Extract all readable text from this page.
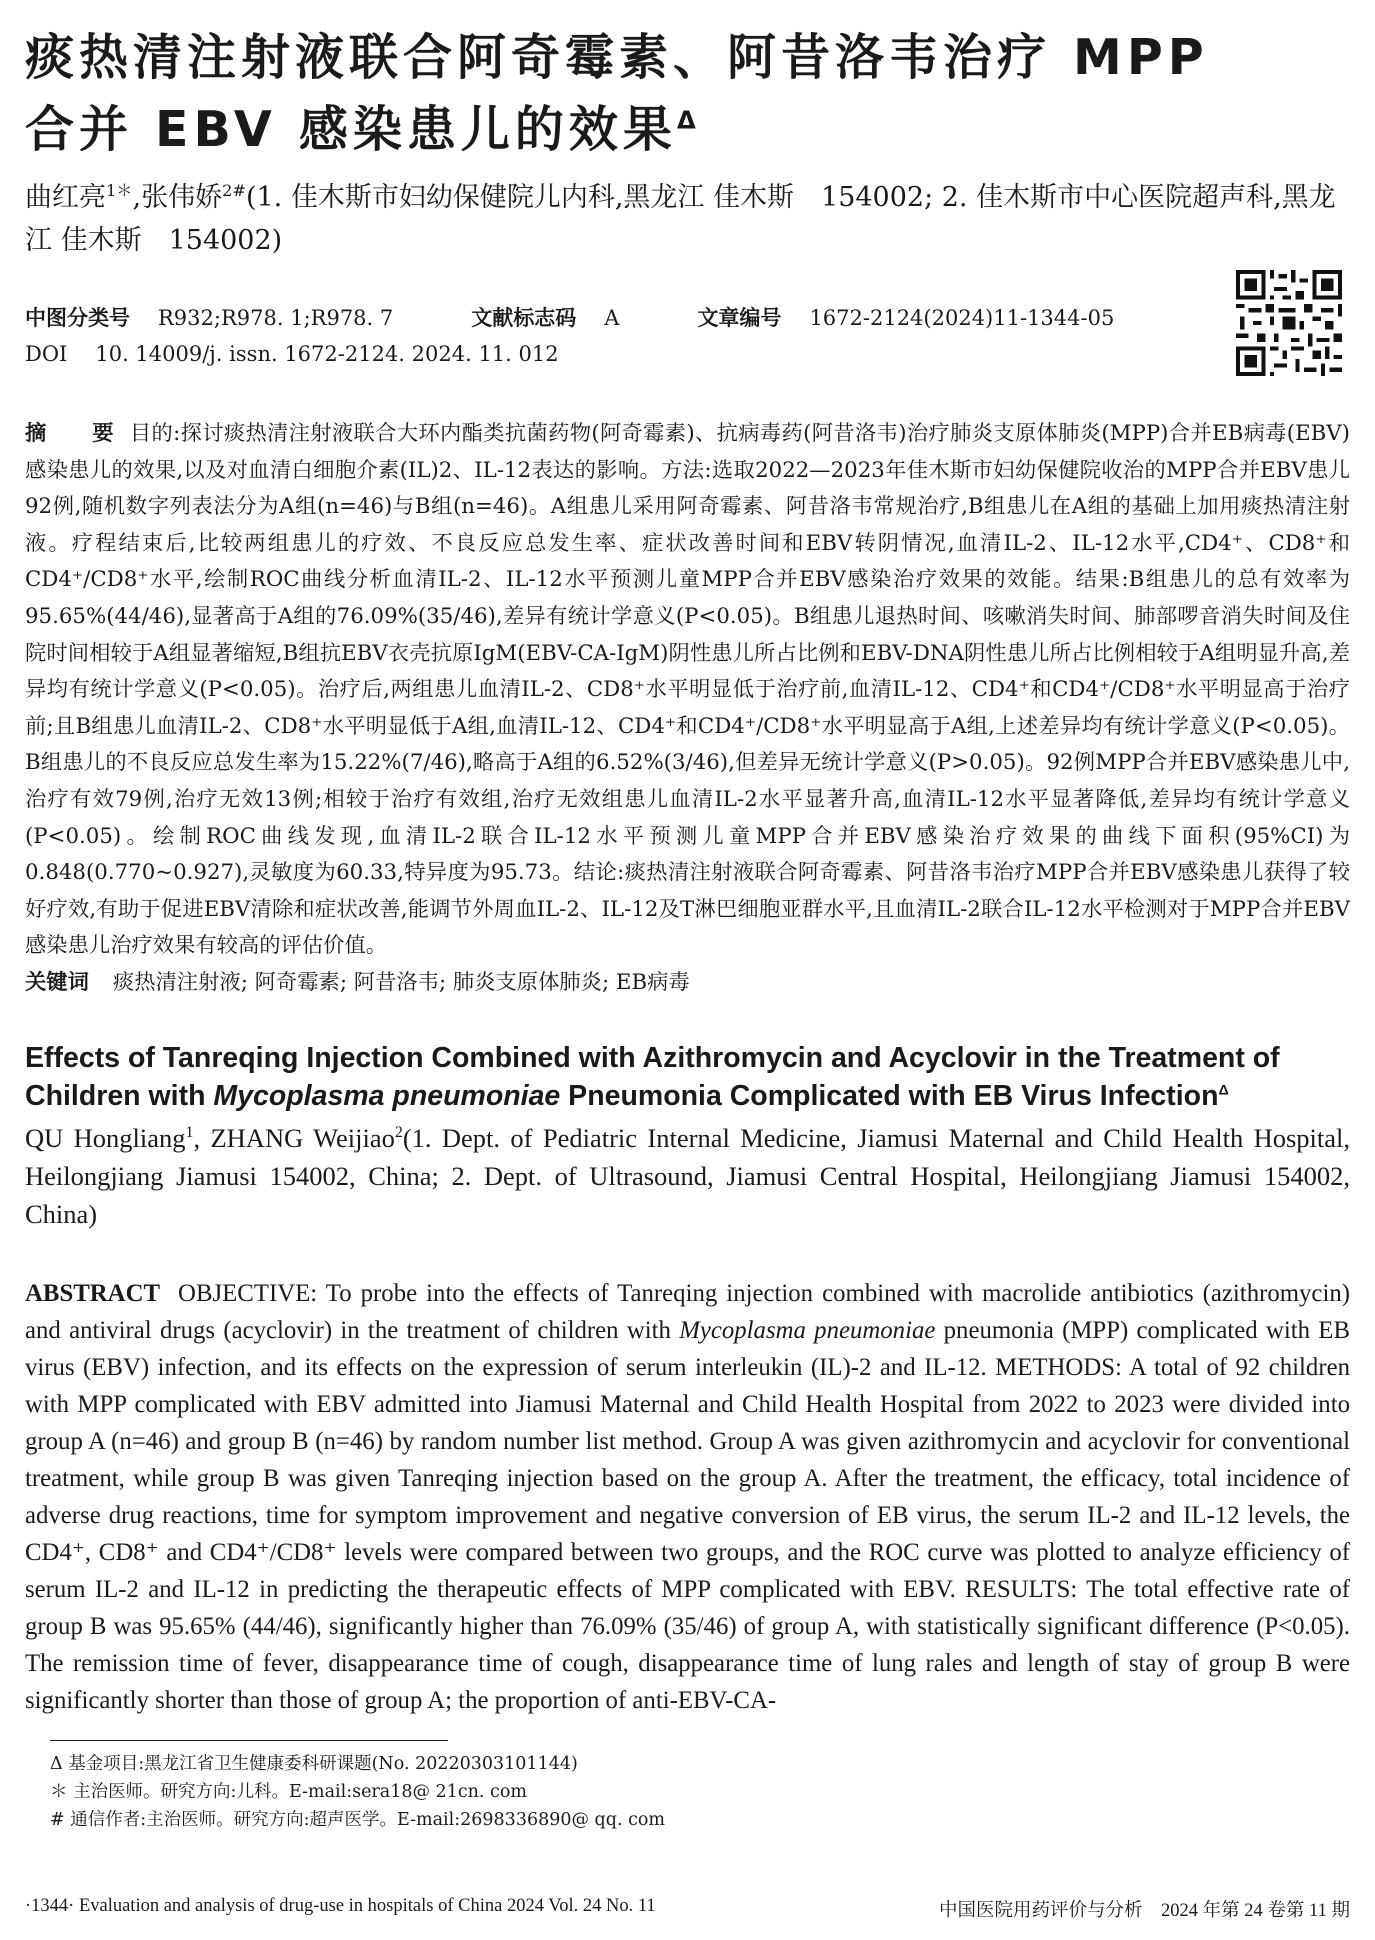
痰热清注射液联合阿奇霉素、阿昔洛韦治疗 MPP
合并 EBV 感染患儿的效果$^\Delta$
曲红亮$^{1*}$,张伟娇$^{2\#}$(1. 佳木斯市妇幼保健院儿内科,黑龙江 佳木斯　154002; 2. 佳木斯市中心医院超声科,黑龙江 佳木斯　154002)
中图分类号 R932;R978. 1;R978. 7	文献标志码 A	文章编号 1672-2124(2024)11-1344-05
DOI 10. 14009/j. issn. 1672-2124. 2024. 11. 012
摘　要 目的:探讨痰热清注射液联合大环内酯类抗菌药物(阿奇霉素)、抗病毒药(阿昔洛韦)治疗肺炎支原体肺炎(MPP)合并EB病毒(EBV)感染患儿的效果,以及对血清白细胞介素(IL)2、IL-12表达的影响。方法:选取2022—2023年佳木斯市妇幼保健院收治的MPP合并EBV患儿92例,随机数字列表法分为A组(n=46)与B组(n=46)。A组患儿采用阿奇霉素、阿昔洛韦常规治疗,B组患儿在A组的基础上加用痰热清注射液。疗程结束后,比较两组患儿的疗效、不良反应总发生率、症状改善时间和EBV转阴情况,血清IL-2、IL-12水平,CD4⁺、CD8⁺和CD4⁺/CD8⁺水平,绘制ROC曲线分析血清IL-2、IL-12水平预测儿童MPP合并EBV感染治疗效果的效能。结果:B组患儿的总有效率为95.65%(44/46),显著高于A组的76.09%(35/46),差异有统计学意义(P<0.05)。B组患儿退热时间、咳嗽消失时间、肺部啰音消失时间及住院时间相较于A组显著缩短,B组抗EBV衣壳抗原IgM(EBV-CA-IgM)阴性患儿所占比例和EBV-DNA阴性患儿所占比例相较于A组明显升高,差异均有统计学意义(P<0.05)。治疗后,两组患儿血清IL-2、CD8⁺水平明显低于治疗前,血清IL-12、CD4⁺和CD4⁺/CD8⁺水平明显高于治疗前;且B组患儿血清IL-2、CD8⁺水平明显低于A组,血清IL-12、CD4⁺和CD4⁺/CD8⁺水平明显高于A组,上述差异均有统计学意义(P<0.05)。B组患儿的不良反应总发生率为15.22%(7/46),略高于A组的6.52%(3/46),但差异无统计学意义(P>0.05)。92例MPP合并EBV感染患儿中,治疗有效79例,治疗无效13例;相较于治疗有效组,治疗无效组患儿血清IL-2水平显著升高,血清IL-12水平显著降低,差异均有统计学意义(P<0.05)。绘制ROC曲线发现,血清IL-2联合IL-12水平预测儿童MPP合并EBV感染治疗效果的曲线下面积(95%CI)为0.848(0.770~0.927),灵敏度为60.33,特异度为95.73。结论:痰热清注射液联合阿奇霉素、阿昔洛韦治疗MPP合并EBV感染患儿获得了较好疗效,有助于促进EBV清除和症状改善,能调节外周血IL-2、IL-12及T淋巴细胞亚群水平,且血清IL-2联合IL-12水平检测对于MPP合并EBV感染患儿治疗效果有较高的评估价值。
关键词 痰热清注射液; 阿奇霉素; 阿昔洛韦; 肺炎支原体肺炎; EB病毒
Effects of Tanreqing Injection Combined with Azithromycin and Acyclovir in the Treatment of Children with Mycoplasma pneumoniae Pneumonia Complicated with EB Virus Infection$^\Delta$
QU Hongliang$^1$, ZHANG Weijiao$^2$(1. Dept. of Pediatric Internal Medicine, Jiamusi Maternal and Child Health Hospital, Heilongjiang Jiamusi 154002, China; 2. Dept. of Ultrasound, Jiamusi Central Hospital, Heilongjiang Jiamusi 154002, China)
ABSTRACT OBJECTIVE: To probe into the effects of Tanreqing injection combined with macrolide antibiotics (azithromycin) and antiviral drugs (acyclovir) in the treatment of children with Mycoplasma pneumoniae pneumonia (MPP) complicated with EB virus (EBV) infection, and its effects on the expression of serum interleukin (IL)-2 and IL-12. METHODS: A total of 92 children with MPP complicated with EBV admitted into Jiamusi Maternal and Child Health Hospital from 2022 to 2023 were divided into group A (n=46) and group B (n=46) by random number list method. Group A was given azithromycin and acyclovir for conventional treatment, while group B was given Tanreqing injection based on the group A. After the treatment, the efficacy, total incidence of adverse drug reactions, time for symptom improvement and negative conversion of EB virus, the serum IL-2 and IL-12 levels, the CD4⁺, CD8⁺ and CD4⁺/CD8⁺ levels were compared between two groups, and the ROC curve was plotted to analyze efficiency of serum IL-2 and IL-12 in predicting the therapeutic effects of MPP complicated with EBV. RESULTS: The total effective rate of group B was 95.65% (44/46), significantly higher than 76.09% (35/46) of group A, with statistically significant difference (P<0.05). The remission time of fever, disappearance time of cough, disappearance time of lung rales and length of stay of group B were significantly shorter than those of group A; the proportion of anti-EBV-CA-
Δ 基金项目:黑龙江省卫生健康委科研课题(No. 20220303101144)
＊ 主治医师。研究方向:儿科。E-mail:sera18@ 21cn. com
# 通信作者:主治医师。研究方向:超声医学。E-mail:2698336890@ qq. com
·1344· Evaluation and analysis of drug-use in hospitals of China 2024 Vol. 24 No. 11	中国医院用药评价与分析　2024 年第 24 卷第 11 期
